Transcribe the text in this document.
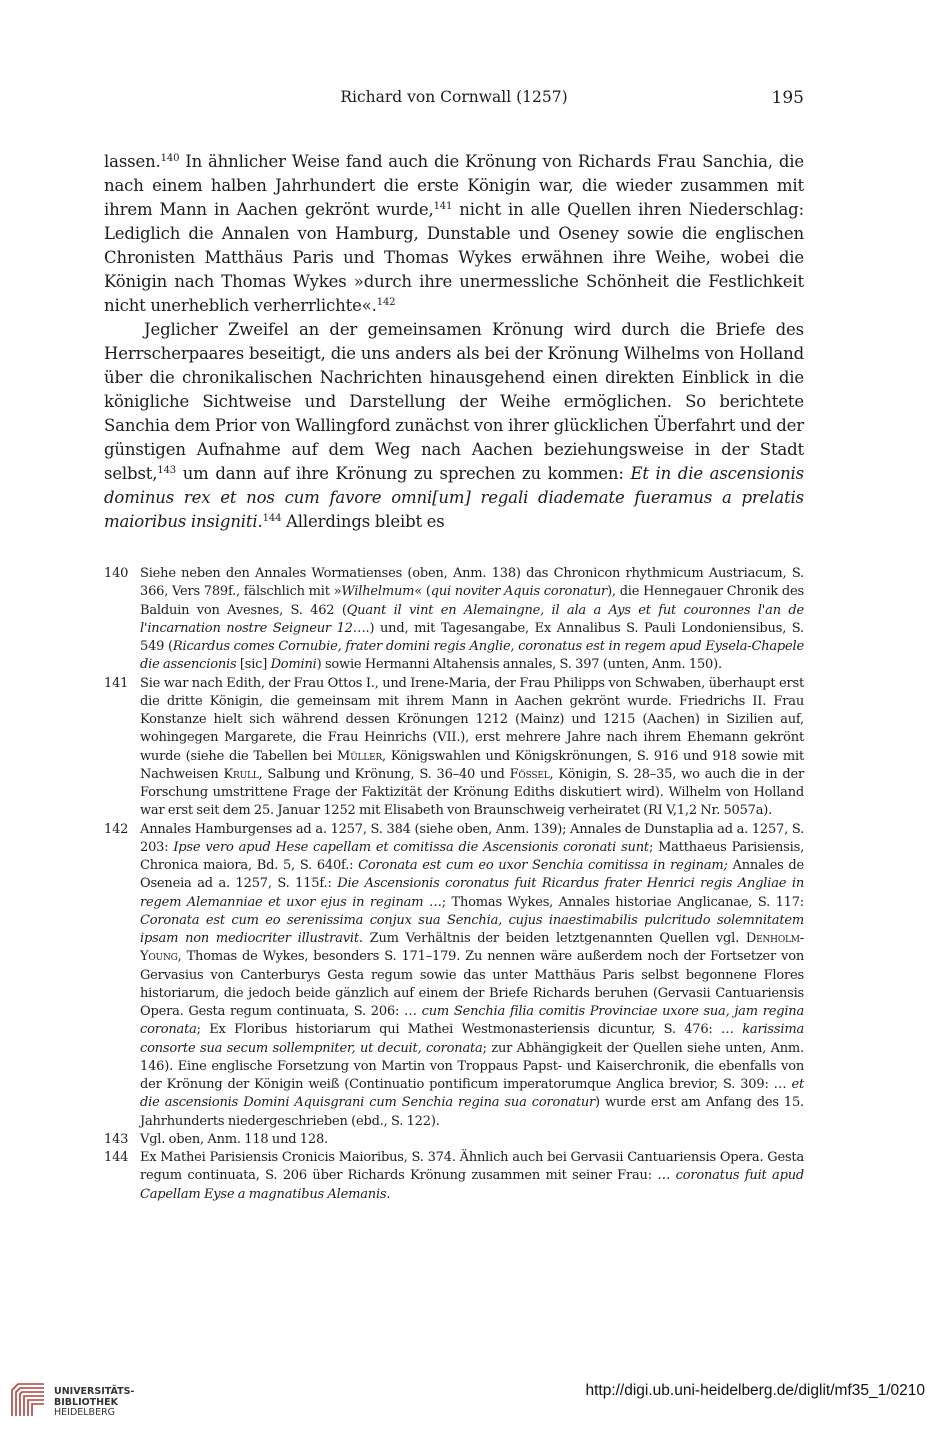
Richard von Cornwall (1257)	195

lassen.$^{140}$ In ähnlicher Weise fand auch die Krönung von Richards Frau Sanchia, die nach einem halben Jahrhundert die erste Königin war, die wieder zusammen mit ihrem Mann in Aachen gekrönt wurde,$^{141}$ nicht in alle Quellen ihren Niederschlag: Lediglich die Annalen von Hamburg, Dunstable und Oseney sowie die englischen Chronisten Matthäus Paris und Thomas Wykes erwähnen ihre Weihe, wobei die Königin nach Thomas Wykes »durch ihre unermessliche Schönheit die Festlichkeit nicht unerheblich verherrlichte«.$^{142}$

Jeglicher Zweifel an der gemeinsamen Krönung wird durch die Briefe des Herrscherpaares beseitigt, die uns anders als bei der Krönung Wilhelms von Holland über die chronikalischen Nachrichten hinausgehend einen direkten Einblick in die königliche Sichtweise und Darstellung der Weihe ermöglichen. So berichtete Sanchia dem Prior von Wallingford zunächst von ihrer glücklichen Überfahrt und der günstigen Aufnahme auf dem Weg nach Aachen beziehungsweise in der Stadt selbst,$^{143}$ um dann auf ihre Krönung zu sprechen zu kommen: Et in die ascensionis dominus rex et nos cum favore omni[um] regali diademate fueramus a prelatis maioribus insigniti.$^{144}$ Allerdings bleibt es

140 Siehe neben den Annales Wormatienses (oben, Anm. 138) das Chronicon rhythmicum Austriacum, S. 366, Vers 789f., fälschlich mit »Wilhelmum« (qui noviter Aquis coronatur), die Hennegauer Chronik des Balduin von Avesnes, S. 462 (Quant il vint en Alemaingne, il ala a Ays et fut couronnes l'an de l'incarnation nostre Seigneur 12….) und, mit Tagesangabe, Ex Annalibus S. Pauli Londoniensibus, S. 549 (Ricardus comes Cornubie, frater domini regis Anglie, coronatus est in regem apud Eysela-Chapele die assencionis [sic] Domini) sowie Hermanni Altahensis annales, S. 397 (unten, Anm. 150).

141 Sie war nach Edith, der Frau Ottos I., und Irene-Maria, der Frau Philipps von Schwaben, überhaupt erst die dritte Königin, die gemeinsam mit ihrem Mann in Aachen gekrönt wurde. Friedrichs II. Frau Konstanze hielt sich während dessen Krönungen 1212 (Mainz) und 1215 (Aachen) in Sizilien auf, wohingegen Margarete, die Frau Heinrichs (VII.), erst mehrere Jahre nach ihrem Ehemann gekrönt wurde (siehe die Tabellen bei Müller, Königswahlen und Königskrönungen, S. 916 und 918 sowie mit Nachweisen Krull, Salbung und Krönung, S. 36–40 und Fössel, Königin, S. 28–35, wo auch die in der Forschung umstrittene Frage der Faktizität der Krönung Ediths diskutiert wird). Wilhelm von Holland war erst seit dem 25. Januar 1252 mit Elisabeth von Braunschweig verheiratet (RI V,1,2 Nr. 5057a).

142 Annales Hamburgenses ad a. 1257, S. 384 (siehe oben, Anm. 139); Annales de Dunstaplia ad a. 1257, S. 203: Ipse vero apud Hese capellam et comitissa die Ascensionis coronati sunt; Matthaeus Parisiensis, Chronica maiora, Bd. 5, S. 640f.: Coronata est cum eo uxor Senchia comitissa in reginam; Annales de Oseneia ad a. 1257, S. 115f.: Die Ascensionis coronatus fuit Ricardus frater Henrici regis Angliae in regem Alemanniae et uxor ejus in reginam …; Thomas Wykes, Annales historiae Anglicanae, S. 117: Coronata est cum eo serenissima conjux sua Senchia, cujus inaestimabilis pulcritudo solemnitatem ipsam non mediocriter illustravit. Zum Verhältnis der beiden letztgenannten Quellen vgl. Denholm-Young, Thomas de Wykes, besonders S. 171–179. Zu nennen wäre außerdem noch der Fortsetzer von Gervasius von Canterburys Gesta regum sowie das unter Matthäus Paris selbst begonnene Flores historiarum, die jedoch beide gänzlich auf einem der Briefe Richards beruhen (Gervasii Cantuariensis Opera. Gesta regum continuata, S. 206: … cum Senchia filia comitis Provinciae uxore sua, jam regina coronata; Ex Floribus historiarum qui Mathei Westmonasteriensis dicuntur, S. 476: … karissima consorte sua secum sollempniter, ut decuit, coronata; zur Abhängigkeit der Quellen siehe unten, Anm. 146). Eine englische Forsetzung von Martin von Troppaus Papst- und Kaiserchronik, die ebenfalls von der Krönung der Königin weiß (Continuatio pontificum imperatorumque Anglica brevior, S. 309: … et die ascensionis Domini Aquisgrani cum Senchia regina sua coronatur) wurde erst am Anfang des 15. Jahrhunderts niedergeschrieben (ebd., S. 122).

143 Vgl. oben, Anm. 118 und 128.

144 Ex Mathei Parisiensis Cronicis Maioribus, S. 374. Ähnlich auch bei Gervasii Cantuariensis Opera. Gesta regum continuata, S. 206 über Richards Krönung zusammen mit seiner Frau: … coronatus fuit apud Capellam Eyse a magnatibus Alemanis.

UNIVERSITÄTS-
BIBLIOTHEK
HEIDELBERG
http://digi.ub.uni-heidelberg.de/diglit/mf35_1/0210
